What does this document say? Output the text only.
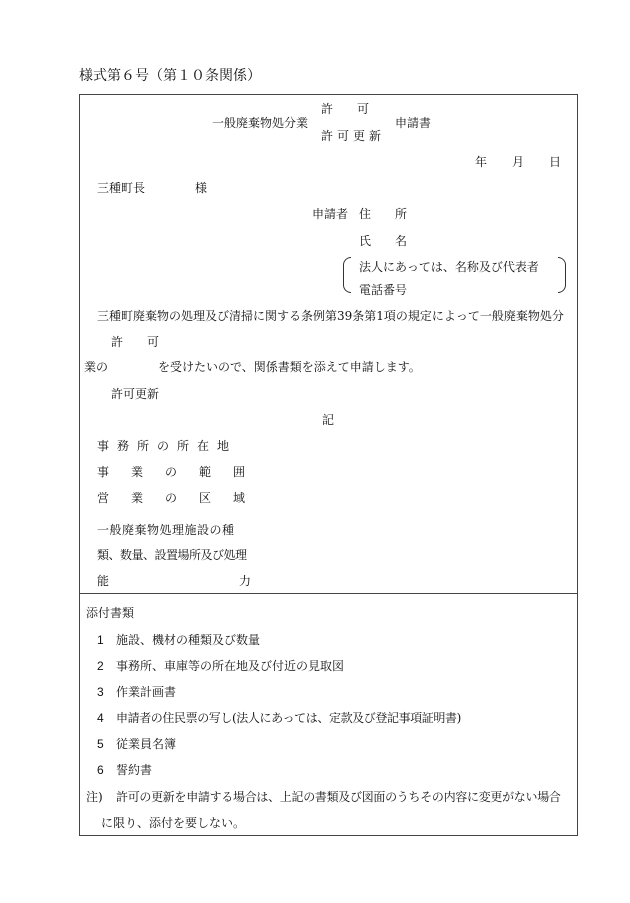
様式第６号（第１０条関係）
許　　可
一般廃棄物処分業	申請書
許可更新
年 月 日
三種町長	様
申請者 住　　所
氏　　名
法人にあっては、名称及び代表者
電話番号
三種町廃棄物の処理及び清掃に関する条例第39条第1項の規定によって一般廃棄物処分
許　　可
業の	を受けたいので、関係書類を添えて申請します。
許可更新
記
事務所の所在地
事業の範囲
営業の区域
一般廃棄物処理施設の種
類、数量、設置場所及び処理
能	力
添付書類
1 施設、機材の種類及び数量
2 事務所、車庫等の所在地及び付近の見取図
3 作業計画書
4 申請者の住民票の写し(法人にあっては、定款及び登記事項証明書)
5 従業員名簿
6 誓約書
注) 許可の更新を申請する場合は、上記の書類及び図面のうちその内容に変更がない場合
に限り、添付を要しない。
